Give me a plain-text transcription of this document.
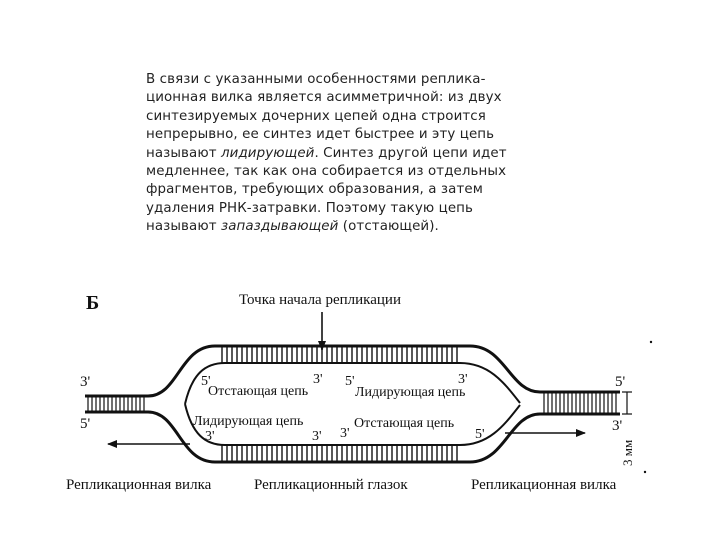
В связи с указанными особенностями реплика-
ционная вилка является асимметричной: из двух
синтезируемых дочерних цепей одна строится
непрерывно, ее синтез идет быстрее и эту цепь
называют лидирующей. Синтез другой цепи идет
медленнее, так как она собирается из отдельных
фрагментов, требующих образования, а затем
удаления РНК-затравки. Поэтому такую цепь
называют запаздывающей (отстающей).
Б	Точка начала репликации
3'
5'
5'
3'
5'	3' 5'	3'
Отстающая цепь	Лидирующая цепь
Лидирующая цепь	Отстающая цепь
3'	3' 3'	5'
3 мм
Репликационная вилка	Репликационный глазок	Репликационная вилка
